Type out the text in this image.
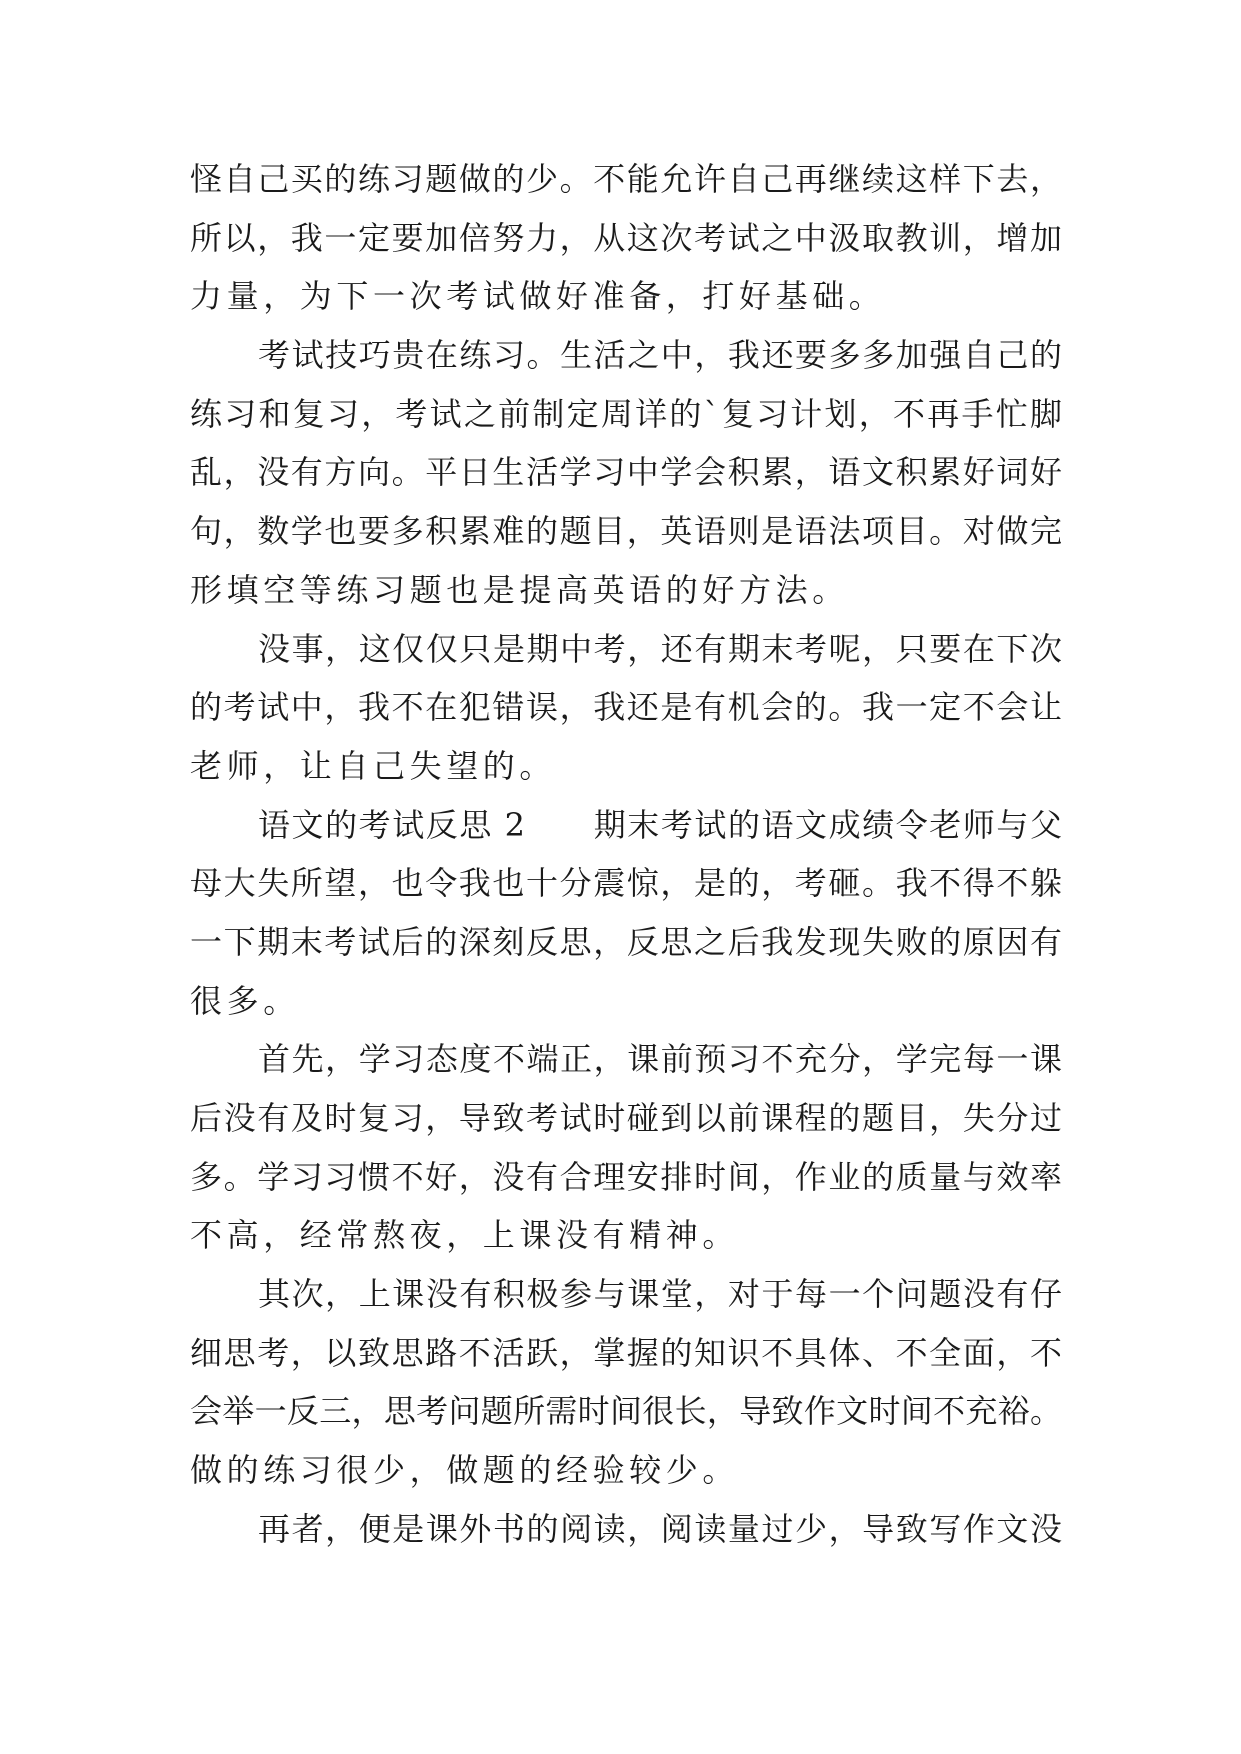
怪自己买的练习题做的少。不能允许自己再继续这样下去，
所以，我一定要加倍努力，从这次考试之中汲取教训，增加
力量，为下一次考试做好准备，打好基础。
考试技巧贵在练习。生活之中，我还要多多加强自己的
练习和复习，考试之前制定周详的`复习计划，不再手忙脚
乱，没有方向。平日生活学习中学会积累，语文积累好词好
句，数学也要多积累难的题目，英语则是语法项目。对做完
形填空等练习题也是提高英语的好方法。
没事，这仅仅只是期中考，还有期末考呢，只要在下次
的考试中，我不在犯错误，我还是有机会的。我一定不会让
老师，让自己失望的。
语文的考试反思 2　　期末考试的语文成绩令老师与父
母大失所望，也令我也十分震惊，是的，考砸。我不得不躲
一下期末考试后的深刻反思，反思之后我发现失败的原因有
很多。
首先，学习态度不端正，课前预习不充分，学完每一课
后没有及时复习，导致考试时碰到以前课程的题目，失分过
多。学习习惯不好，没有合理安排时间，作业的质量与效率
不高，经常熬夜，上课没有精神。
其次，上课没有积极参与课堂，对于每一个问题没有仔
细思考，以致思路不活跃，掌握的知识不具体、不全面，不
会举一反三，思考问题所需时间很长，导致作文时间不充裕。
做的练习很少，做题的经验较少。
再者，便是课外书的阅读，阅读量过少，导致写作文没
